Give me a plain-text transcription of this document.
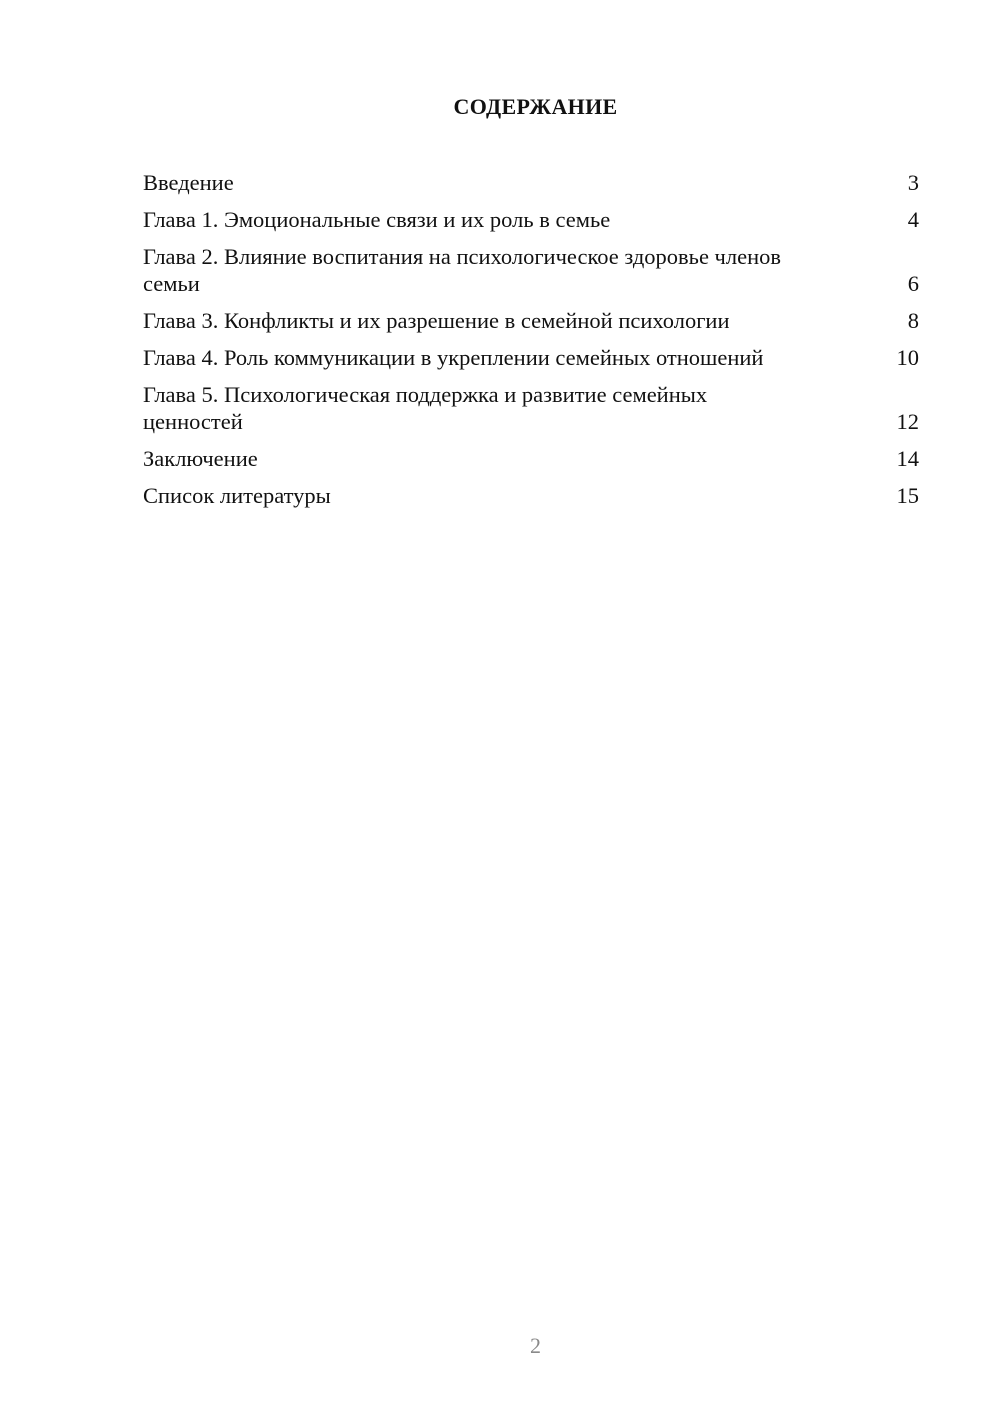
СОДЕРЖАНИЕ
Введение	3
Глава 1. Эмоциональные связи и их роль в семье	4
Глава 2. Влияние воспитания на психологическое здоровье членов семьи	6
Глава 3. Конфликты и их разрешение в семейной психологии	8
Глава 4. Роль коммуникации в укреплении семейных отношений	10
Глава 5. Психологическая поддержка и развитие семейных ценностей	12
Заключение	14
Список литературы	15
2
